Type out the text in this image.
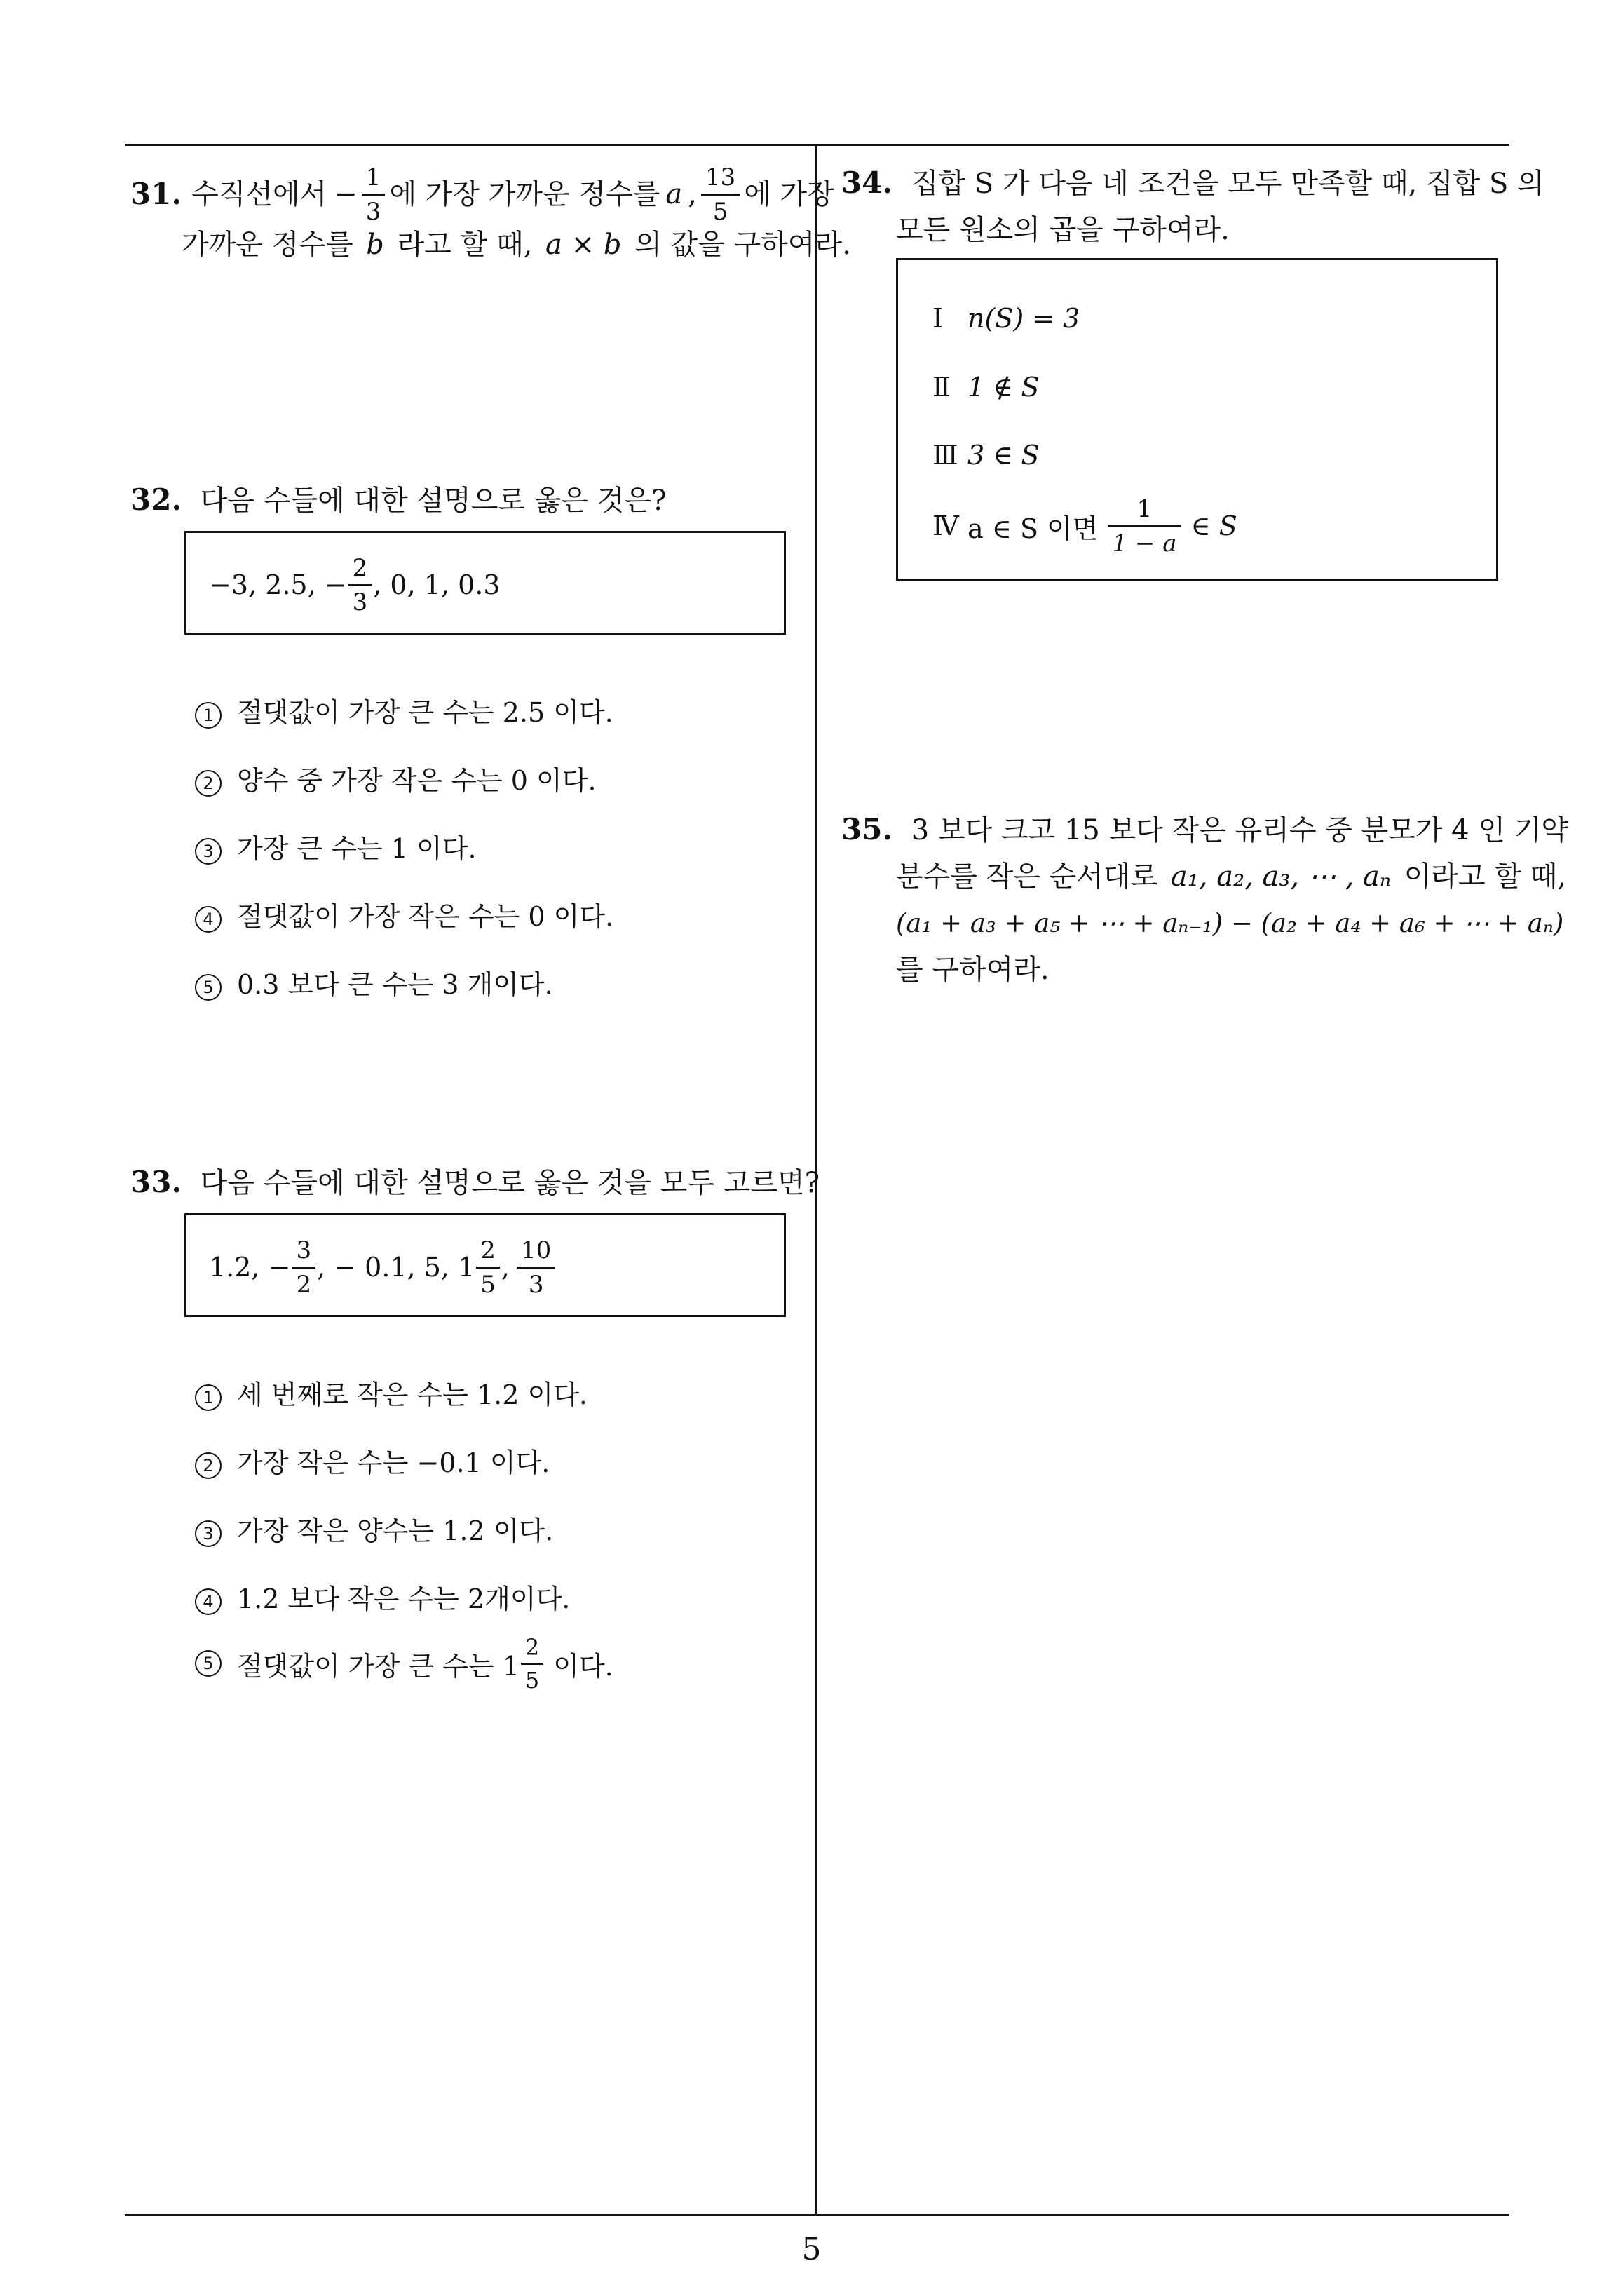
31. 수직선에서 − $\frac{1}{3}$ 에 가장 가까운 정수를 a , $\frac{13}{5}$ 에 가장
가까운 정수를 b 라고 할 때, a × b 의 값을 구하여라.
32. 다음 수들에 대한 설명으로 옳은 것은?
−3, 2.5, − $\frac{2}{3}$ , 0, 1, 0.3
1 절댓값이 가장 큰 수는 2.5 이다.
2 양수 중 가장 작은 수는 0 이다.
3 가장 큰 수는 1 이다.
4 절댓값이 가장 작은 수는 0 이다.
5 0.3 보다 큰 수는 3 개이다.
33. 다음 수들에 대한 설명으로 옳은 것을 모두 고르면?
1.2, − $\frac{3}{2}$ , − 0.1, 5, $1 \frac{2}{5}$ , $\frac{10}{3}$
1 세 번째로 작은 수는 1.2 이다.
2 가장 작은 수는 −0.1 이다.
3 가장 작은 양수는 1.2 이다.
4 1.2 보다 작은 수는 2개이다.
5 절댓값이 가장 큰 수는 $1 \frac{2}{5}$ 이다.
34. 집합 S 가 다음 네 조건을 모두 만족할 때, 집합 S 의
모든 원소의 곱을 구하여라.
Ⅰ n(S) = 3
Ⅱ 1 ∉ S
Ⅲ 3 ∈ S
Ⅳ a ∈ S 이면 $\frac{1}{1 - a}$ ∈ S
35. 3 보다 크고 15 보다 작은 유리수 중 분모가 4 인 기약
분수를 작은 순서대로 a₁, a₂, a₃, ⋯ , aₙ 이라고 할 때,
(a₁ + a₃ + a₅ + ⋯ + aₙ₋₁) − (a₂ + a₄ + a₆ + ⋯ + aₙ)
를 구하여라.
5
